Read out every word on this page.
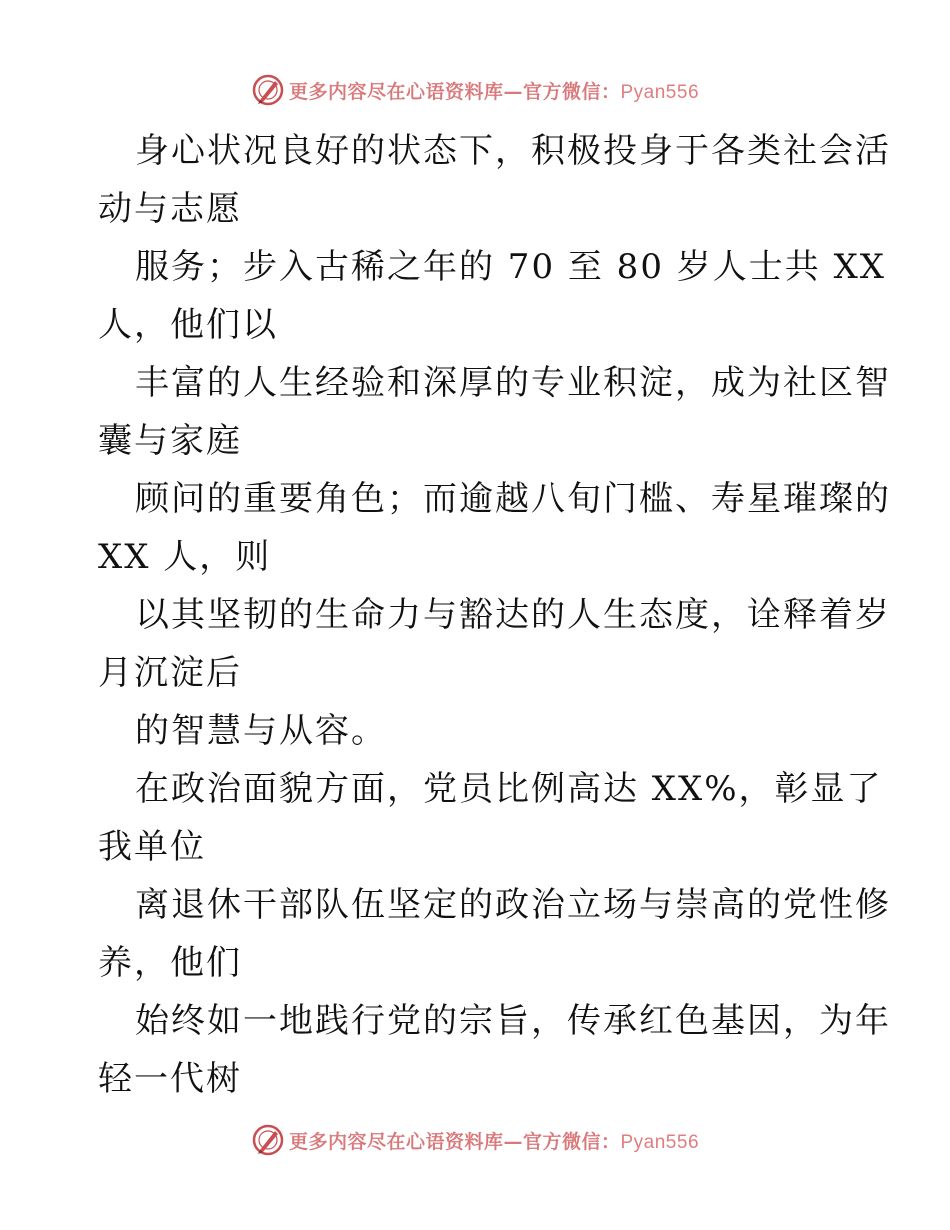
更多内容尽在心语资料库—官方微信：Pyan556
身心状况良好的状态下，积极投身于各类社会活
动与志愿
服务；步入古稀之年的 70 至 80 岁人士共 XX
人，他们以
丰富的人生经验和深厚的专业积淀，成为社区智
囊与家庭
顾问的重要角色；而逾越八旬门槛、寿星璀璨的
XX 人，则
以其坚韧的生命力与豁达的人生态度，诠释着岁
月沉淀后
的智慧与从容。
在政治面貌方面，党员比例高达 XX%，彰显了
我单位
离退休干部队伍坚定的政治立场与崇高的党性修
养，他们
始终如一地践行党的宗旨，传承红色基因，为年
轻一代树
更多内容尽在心语资料库—官方微信：Pyan556
